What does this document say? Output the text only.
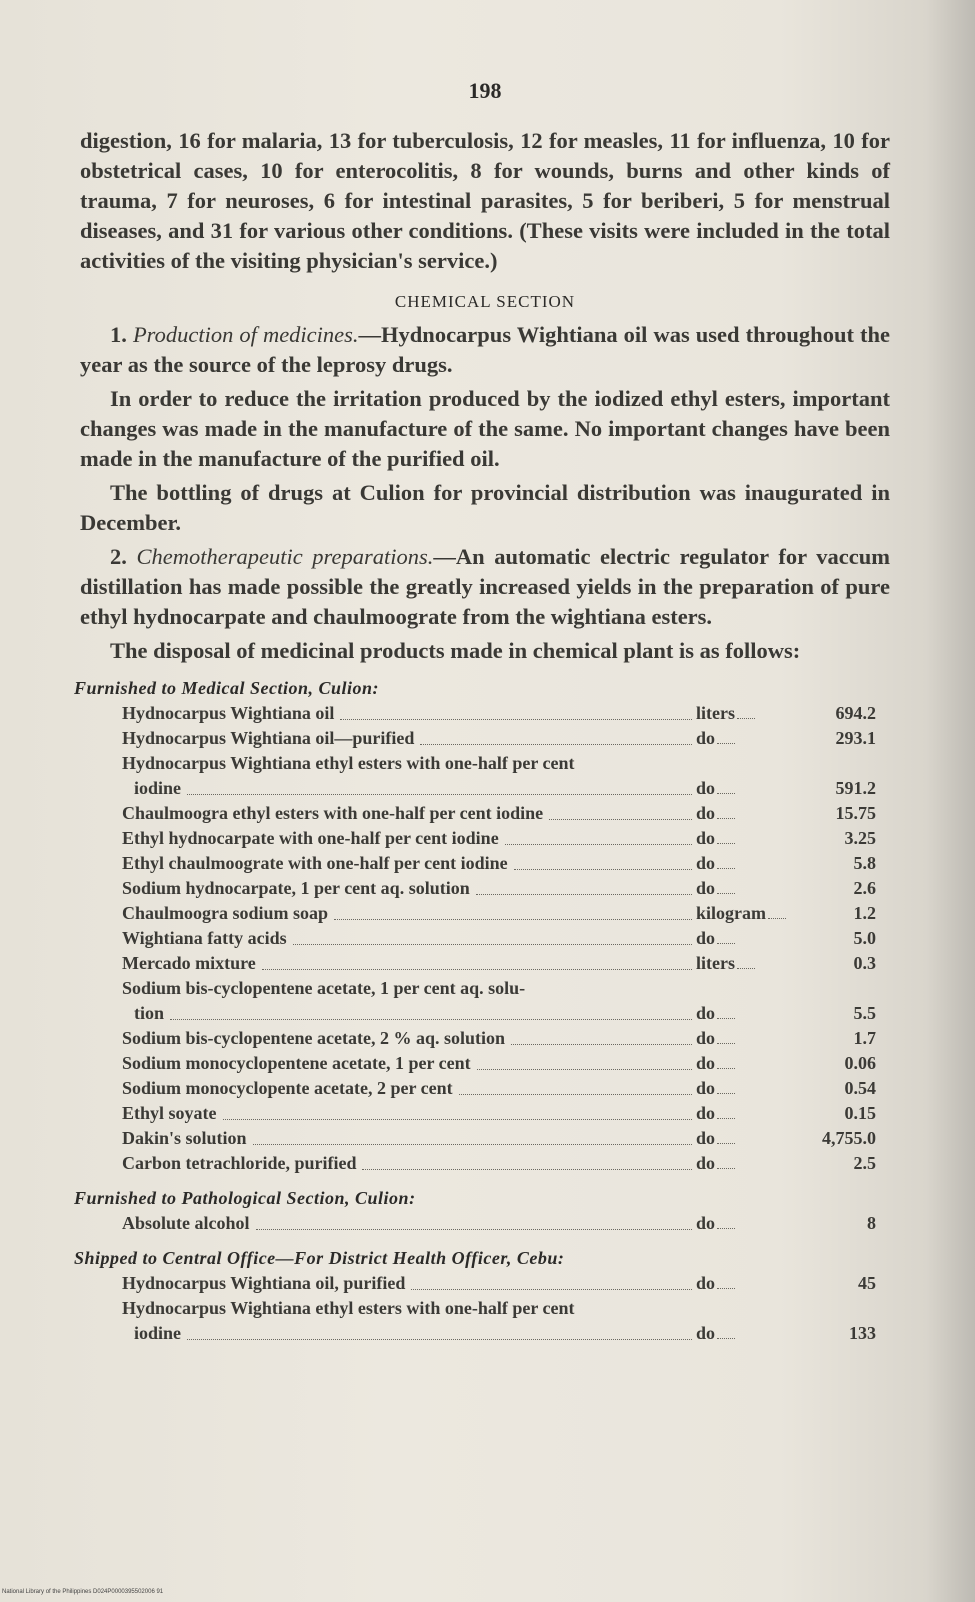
198

digestion, 16 for malaria, 13 for tuberculosis, 12 for measles, 11 for influenza, 10 for obstetrical cases, 10 for enterocolitis, 8 for wounds, burns and other kinds of trauma, 7 for neuroses, 6 for intestinal parasites, 5 for beriberi, 5 for menstrual diseases, and 31 for various other conditions. (These visits were included in the total activities of the visiting physician's service.)

CHEMICAL SECTION

1. Production of medicines.—Hydnocarpus Wightiana oil was used throughout the year as the source of the leprosy drugs.

In order to reduce the irritation produced by the iodized ethyl esters, important changes was made in the manufacture of the same. No important changes have been made in the manufacture of the purified oil.

The bottling of drugs at Culion for provincial distribution was inaugurated in December.

2. Chemotherapeutic preparations.—An automatic electric regulator for vaccum distillation has made possible the greatly increased yields in the preparation of pure ethyl hydnocarpate and chaulmoograte from the wightiana esters.

The disposal of medicinal products made in chemical plant is as follows:

Furnished to Medical Section, Culion:
Hydnocarpus Wightiana oil	liters	694.2
Hydnocarpus Wightiana oil—purified	do	293.1
Hydnocarpus Wightiana ethyl esters with one-half per cent
iodine	do	591.2
Chaulmoogra ethyl esters with one-half per cent iodine	do	15.75
Ethyl hydnocarpate with one-half per cent iodine	do	3.25
Ethyl chaulmoograte with one-half per cent iodine	do	5.8
Sodium hydnocarpate, 1 per cent aq. solution	do	2.6
Chaulmoogra sodium soap	kilogram	1.2
Wightiana fatty acids	do	5.0
Mercado mixture	liters	0.3
Sodium bis-cyclopentene acetate, 1 per cent aq. solu-
tion	do	5.5
Sodium bis-cyclopentene acetate, 2 % aq. solution	do	1.7
Sodium monocyclopentene acetate, 1 per cent	do	0.06
Sodium monocyclopente acetate, 2 per cent	do	0.54
Ethyl soyate	do	0.15
Dakin's solution	do	4,755.0
Carbon tetrachloride, purified	do	2.5
Furnished to Pathological Section, Culion:
Absolute alcohol	do	8
Shipped to Central Office—For District Health Officer, Cebu:
Hydnocarpus Wightiana oil, purified	do	45
Hydnocarpus Wightiana ethyl esters with one-half per cent
iodine	do	133
National Library of the Philippines D024P0000395502006 91
